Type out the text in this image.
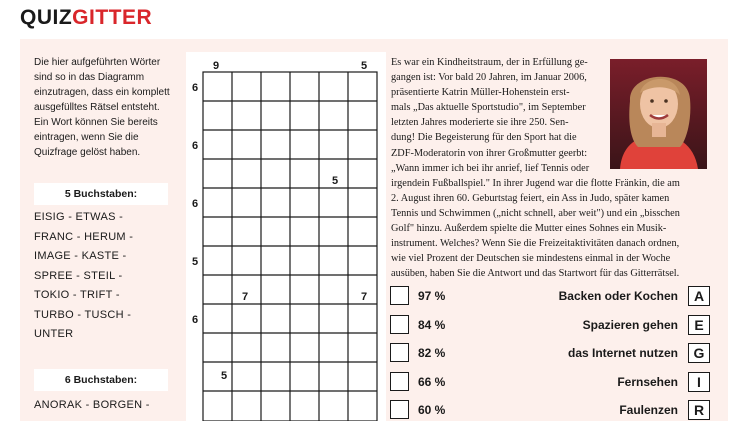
QUIZGITTER
Die hier aufgeführten Wörter sind so in das Diagramm einzutragen, dass ein komplett ausgefülltes Rätsel entsteht. Ein Wort können Sie bereits eintragen, wenn Sie die Quizfrage gelöst haben.
5 Buchstaben:
EISIG - ETWAS -
FRANC - HERUM -
IMAGE - KASTE -
SPREE - STEIL -
TOKIO - TRIFT -
TURBO - TUSCH -
UNTER
6 Buchstaben:
ANORAK - BORGEN -
9	5
6
6
5
6
5
7	7
6
5
Es war ein Kindheitstraum, der in Erfüllung ge-
gangen ist: Vor bald 20 Jahren, im Januar 2006,
präsentierte Katrin Müller-Hohenstein erst-
mals „Das aktuelle Sportstudio", im September
letzten Jahres moderierte sie ihre 250. Sen-
dung! Die Begeisterung für den Sport hat die
ZDF-Moderatorin von ihrer Großmutter geerbt:
„Wann immer ich bei ihr anrief, lief Tennis oder
irgendein Fußballspiel." In ihrer Jugend war die flotte Fränkin, die am
2. August ihren 60. Geburtstag feiert, ein Ass in Judo, später kamen
Tennis und Schwimmen („nicht schnell, aber weit") und ein „bisschen
Golf" hinzu. Außerdem spielte die Mutter eines Sohnes ein Musik-
instrument. Welches? Wenn Sie die Freizeitaktivitäten danach ordnen,
wie viel Prozent der Deutschen sie mindestens einmal in der Woche
ausüben, haben Sie die Antwort und das Startwort für das Gitterrätsel.
97 %	Backen oder Kochen	A
84 %	Spazieren gehen	E
82 %	das Internet nutzen	G
66 %	Fernsehen	I
60 %	Faulenzen	R
